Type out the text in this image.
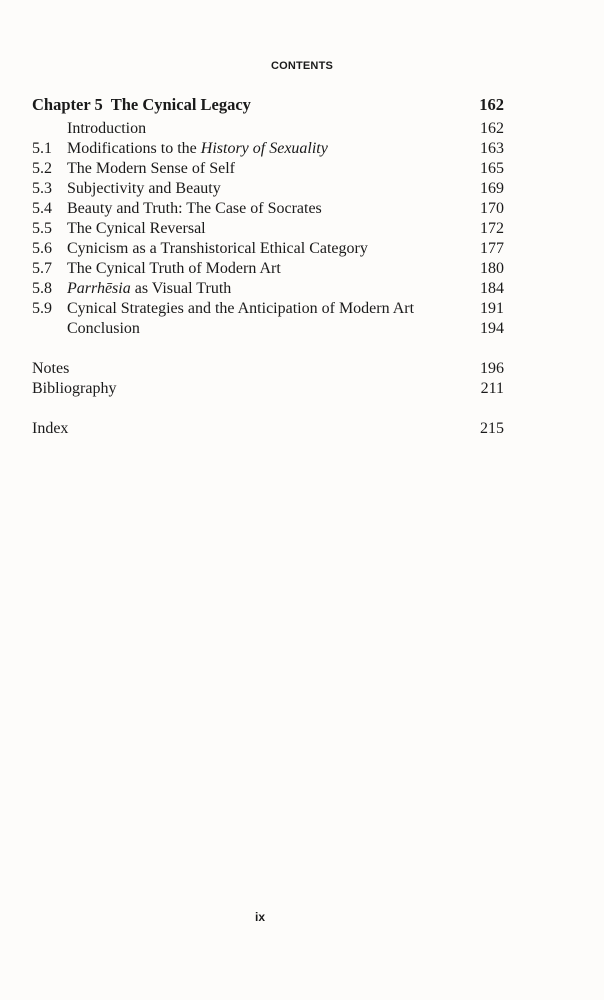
CONTENTS
Chapter 5  The Cynical Legacy	162
Introduction	162
5.1 Modifications to the History of Sexuality	163
5.2 The Modern Sense of Self	165
5.3 Subjectivity and Beauty	169
5.4 Beauty and Truth: The Case of Socrates	170
5.5 The Cynical Reversal	172
5.6 Cynicism as a Transhistorical Ethical Category	177
5.7 The Cynical Truth of Modern Art	180
5.8 Parrhēsia as Visual Truth	184
5.9 Cynical Strategies and the Anticipation of Modern Art	191
Conclusion	194
Notes	196
Bibliography	211
Index	215
ix
